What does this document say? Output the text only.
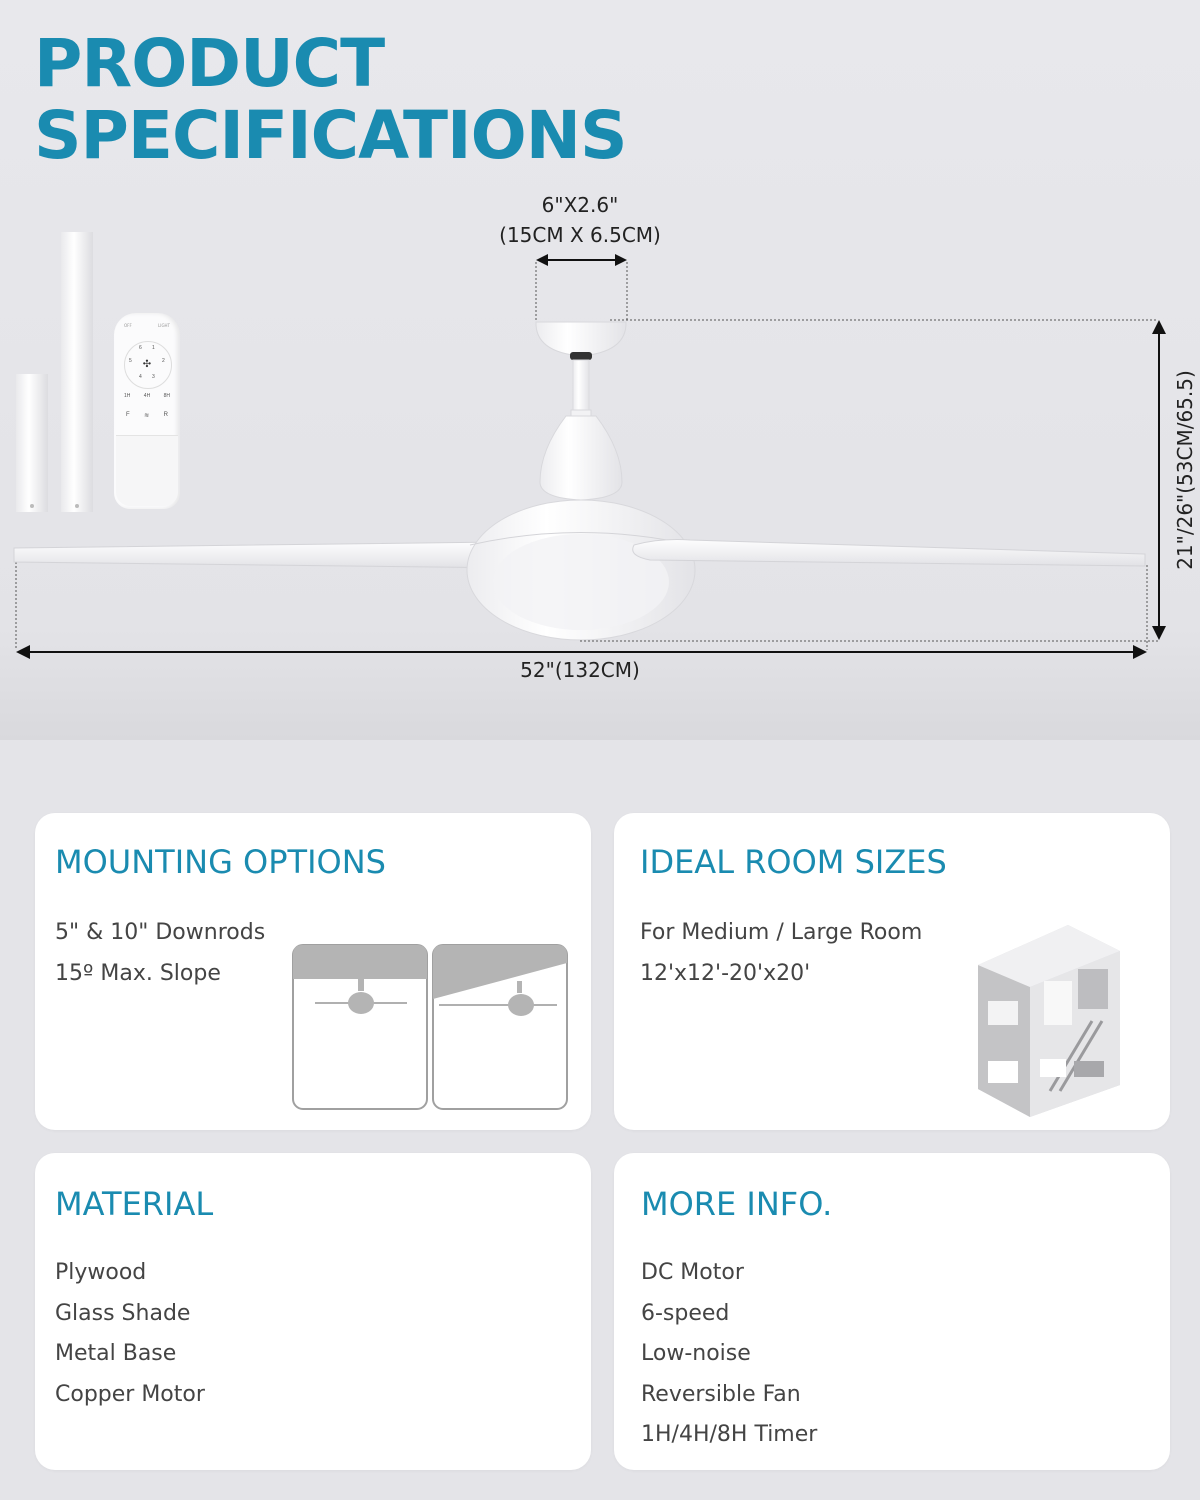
PRODUCT
SPECIFICATIONS
OFF	LIGHT
✣
6 1
5	2
4 3
1H	4H	8H
F ≋ R
6"X2.6"
(15CM X 6.5CM)
52"(132CM)
21"/26"(53CM/65.5)
MOUNTING OPTIONS
5" & 10" Downrods
15º Max. Slope
IDEAL ROOM SIZES
For Medium / Large Room
12'x12'-20'x20'
MATERIAL
Plywood
Glass Shade
Metal Base
Copper Motor
MORE INFO.
DC Motor
6-speed
Low-noise
Reversible Fan
1H/4H/8H Timer
